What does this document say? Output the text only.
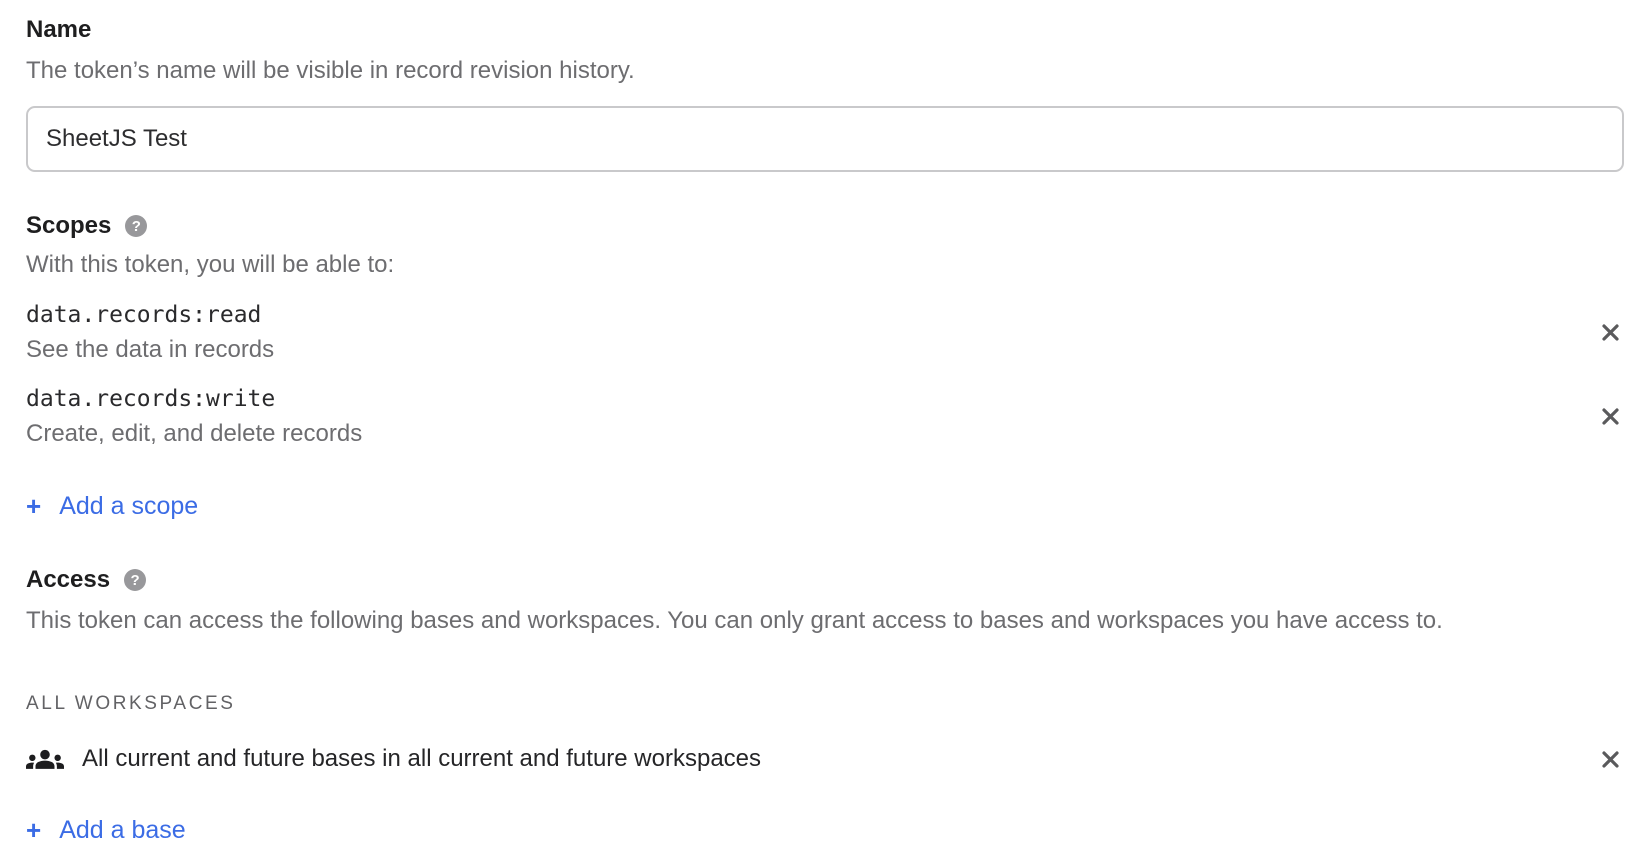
Name
The token’s name will be visible in record revision history.
SheetJS Test
Scopes	?
With this token, you will be able to:
data.records:read
See the data in records
data.records:write
Create, edit, and delete records
+ Add a scope
Access	?
This token can access the following bases and workspaces. You can only grant access to bases and workspaces you have access to.
ALL WORKSPACES
All current and future bases in all current and future workspaces
+ Add a base
